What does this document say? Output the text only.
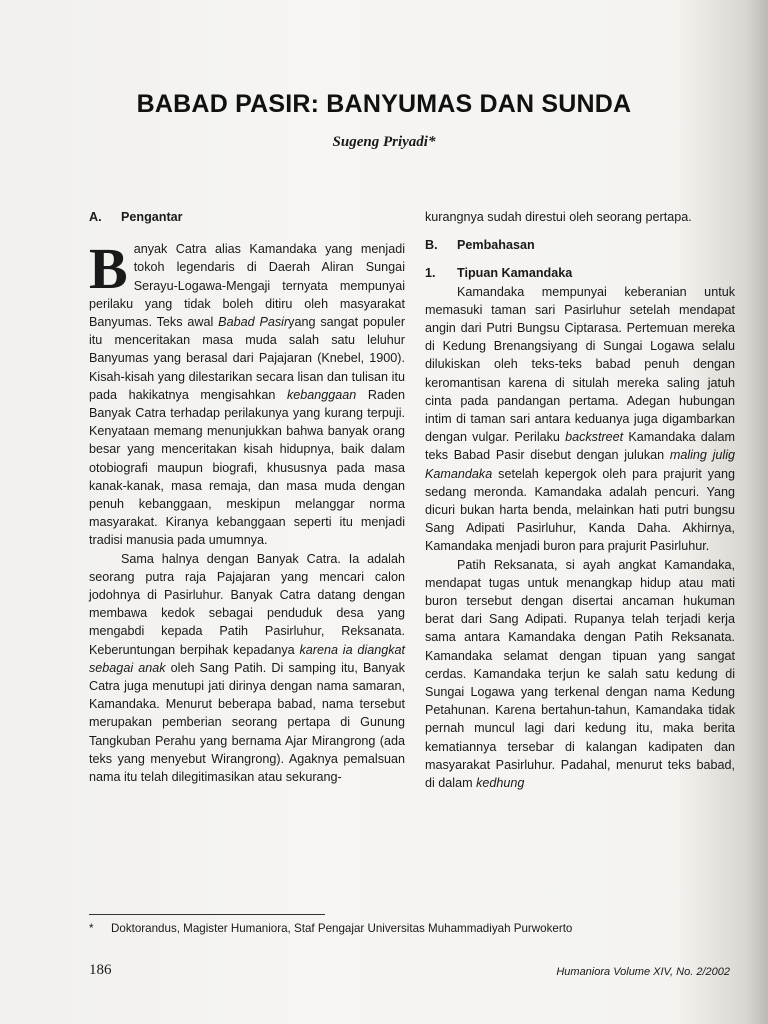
BABAD PASIR: BANYUMAS DAN SUNDA
Sugeng Priyadi*

A. Pengantar

Banyak Catra alias Kamandaka yang menjadi tokoh legendaris di Daerah Aliran Sungai Serayu-Logawa-Mengaji ternyata mempunyai perilaku yang tidak boleh ditiru oleh masyarakat Banyumas. Teks awal Babad Pasiryang sangat populer itu menceritakan masa muda salah satu leluhur Banyumas yang berasal dari Pajajaran (Knebel, 1900). Kisah-kisah yang dilestarikan secara lisan dan tulisan itu pada hakikatnya mengisahkan kebanggaan Raden Banyak Catra terhadap perilakunya yang kurang terpuji. Kenyataan memang menunjukkan bahwa banyak orang besar yang menceritakan kisah hidupnya, baik dalam otobiografi maupun biografi, khususnya pada masa kanak-kanak, masa remaja, dan masa muda dengan penuh kebanggaan, meskipun melanggar norma masyarakat. Kiranya kebanggaan seperti itu menjadi tradisi manusia pada umumnya.

Sama halnya dengan Banyak Catra. Ia adalah seorang putra raja Pajajaran yang mencari calon jodohnya di Pasirluhur. Banyak Catra datang dengan membawa kedok sebagai penduduk desa yang mengabdi kepada Patih Pasirluhur, Reksanata. Keberuntungan berpihak kepadanya karena ia diangkat sebagai anak oleh Sang Patih. Di samping itu, Banyak Catra juga menutupi jati dirinya dengan nama samaran, Kamandaka. Menurut beberapa babad, nama tersebut merupakan pemberian seorang pertapa di Gunung Tangkuban Perahu yang bernama Ajar Mirangrong (ada teks yang menyebut Wirangrong). Agaknya pemalsuan nama itu telah dilegitimasikan atau sekurang-

kurangnya sudah direstui oleh seorang pertapa.

B. Pembahasan

1. Tipuan Kamandaka

Kamandaka mempunyai keberanian untuk memasuki taman sari Pasirluhur setelah mendapat angin dari Putri Bungsu Ciptarasa. Pertemuan mereka di Kedung Brenangsiyang di Sungai Logawa selalu dilukiskan oleh teks-teks babad penuh dengan keromantisan karena di situlah mereka saling jatuh cinta pada pandangan pertama. Adegan hubungan intim di taman sari antara keduanya juga digambarkan dengan vulgar. Perilaku backstreet Kamandaka dalam teks Babad Pasir disebut dengan julukan maling julig Kamandaka setelah kepergok oleh para prajurit yang sedang meronda. Kamandaka adalah pencuri. Yang dicuri bukan harta benda, melainkan hati putri bungsu Sang Adipati Pasirluhur, Kanda Daha. Akhirnya, Kamandaka menjadi buron para prajurit Pasirluhur.

Patih Reksanata, si ayah angkat Kamandaka, mendapat tugas untuk menangkap hidup atau mati buron tersebut dengan disertai ancaman hukuman berat dari Sang Adipati. Rupanya telah terjadi kerja sama antara Kamandaka dengan Patih Reksanata. Kamandaka selamat dengan tipuan yang sangat cerdas. Kamandaka terjun ke salah satu kedung di Sungai Logawa yang terkenal dengan nama Kedung Petahunan. Karena bertahun-tahun, Kamandaka tidak pernah muncul lagi dari kedung itu, maka berita kematiannya tersebar di kalangan kadipaten dan masyarakat Pasirluhur. Padahal, menurut teks babad, di dalam kedhung

* Doktorandus, Magister Humaniora, Staf Pengajar Universitas Muhammadiyah Purwokerto
186	Humaniora Volume XIV, No. 2/2002
